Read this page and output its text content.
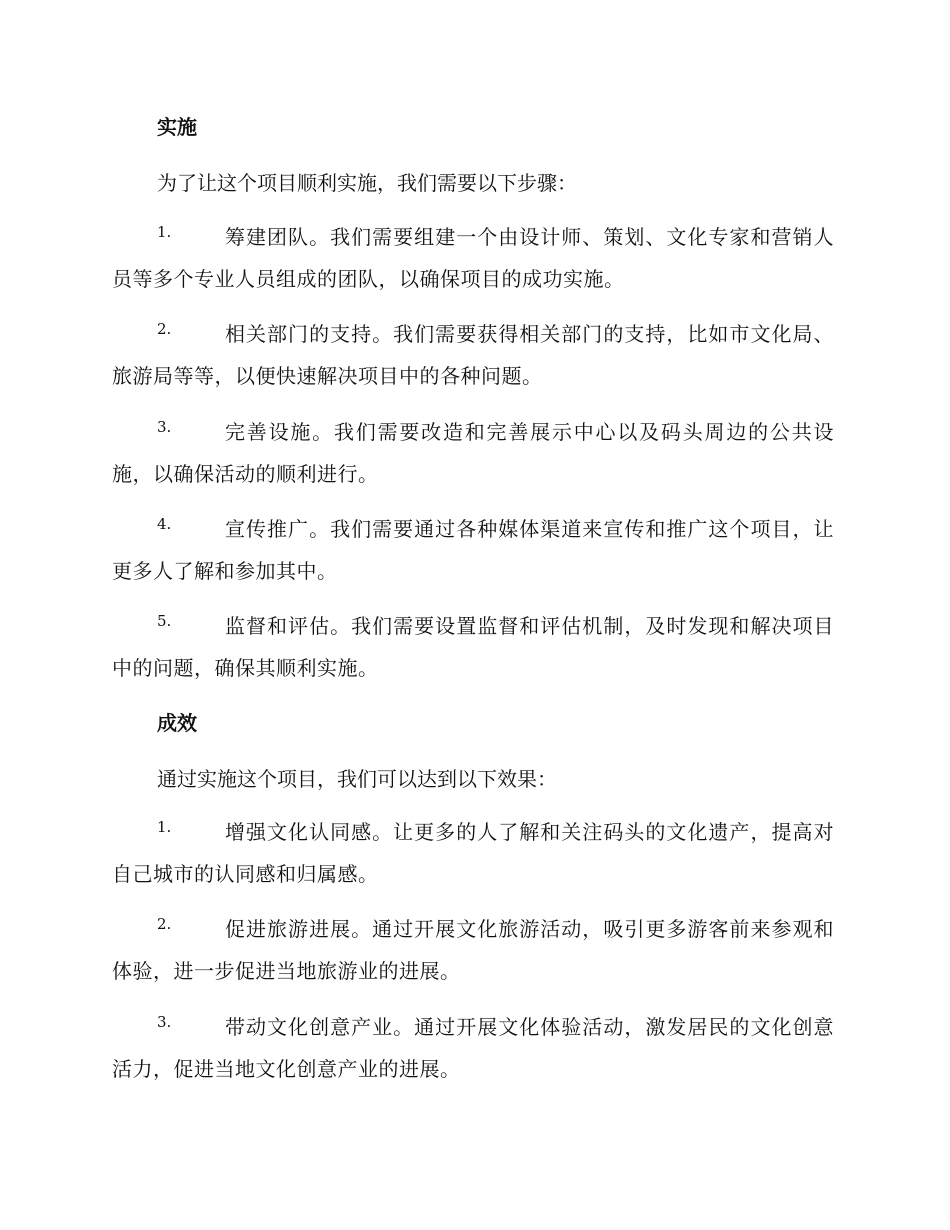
实施
为了让这个项目顺利实施，我们需要以下步骤：
1.	筹建团队。我们需要组建一个由设计师、策划、文化专家和营销人员等多个专业人员组成的团队，以确保项目的成功实施。

2.	相关部门的支持。我们需要获得相关部门的支持，比如市文化局、旅游局等等，以便快速解决项目中的各种问题。

3.	完善设施。我们需要改造和完善展示中心以及码头周边的公共设施，以确保活动的顺利进行。

4.	宣传推广。我们需要通过各种媒体渠道来宣传和推广这个项目，让更多人了解和参加其中。

5.	监督和评估。我们需要设置监督和评估机制，及时发现和解决项目中的问题，确保其顺利实施。

成效
通过实施这个项目，我们可以达到以下效果：
1.	增强文化认同感。让更多的人了解和关注码头的文化遗产，提高对自己城市的认同感和归属感。

2.	促进旅游进展。通过开展文化旅游活动，吸引更多游客前来参观和体验，进一步促进当地旅游业的进展。

3.	带动文化创意产业。通过开展文化体验活动，激发居民的文化创意活力，促进当地文化创意产业的进展。
